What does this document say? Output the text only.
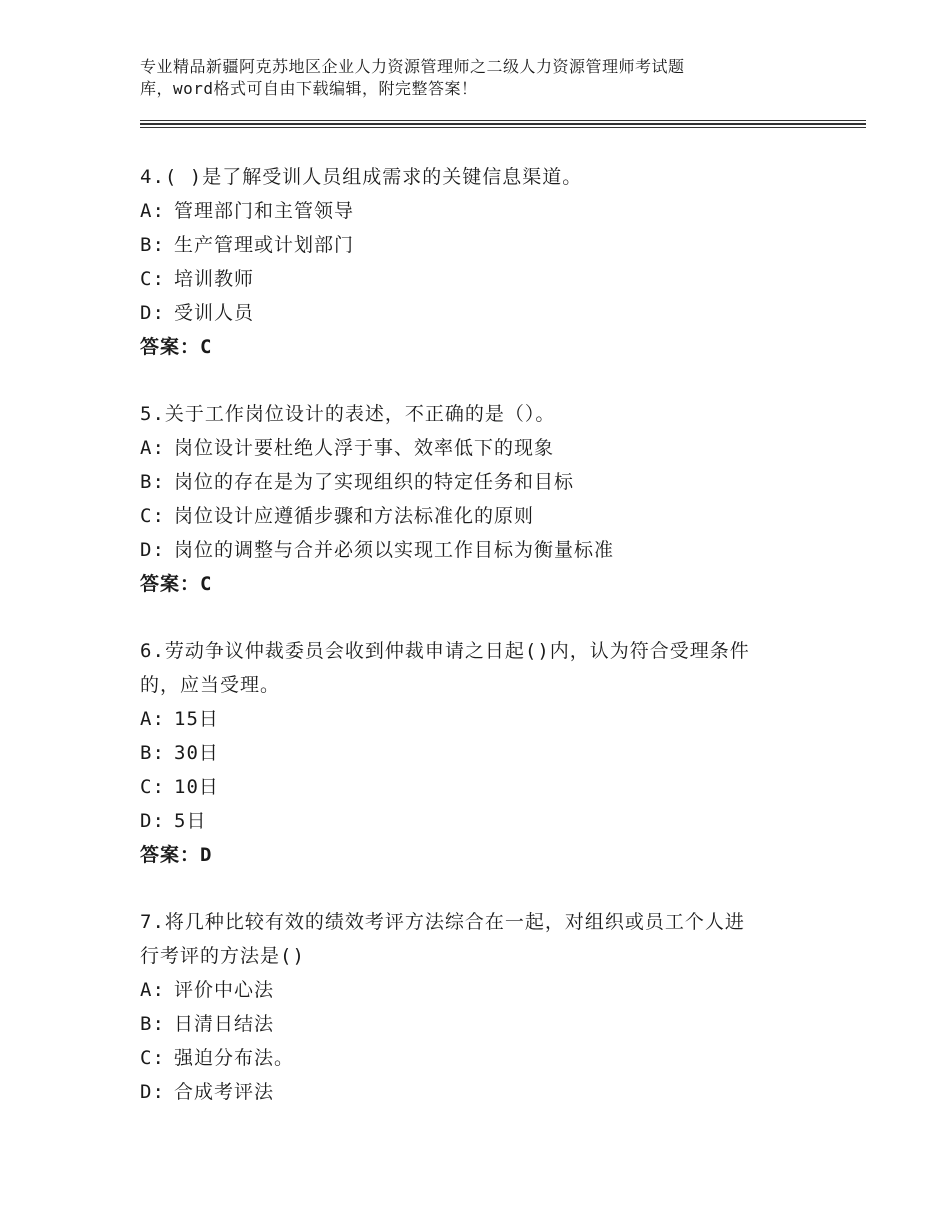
专业精品新疆阿克苏地区企业人力资源管理师之二级人力资源管理师考试题
库，word格式可自由下载编辑，附完整答案！
4.( )是了解受训人员组成需求的关键信息渠道。
A: 管理部门和主管领导
B: 生产管理或计划部门
C: 培训教师
D: 受训人员
答案：C
5.关于工作岗位设计的表述，不正确的是（）。
A: 岗位设计要杜绝人浮于事、效率低下的现象
B: 岗位的存在是为了实现组织的特定任务和目标
C: 岗位设计应遵循步骤和方法标准化的原则
D: 岗位的调整与合并必须以实现工作目标为衡量标准
答案：C
6.劳动争议仲裁委员会收到仲裁申请之日起()内，认为符合受理条件
的，应当受理。
A: 15日
B: 30日
C: 10日
D: 5日
答案：D
7.将几种比较有效的绩效考评方法综合在一起，对组织或员工个人进
行考评的方法是()
A: 评价中心法
B: 日清日结法
C: 强迫分布法。
D: 合成考评法
